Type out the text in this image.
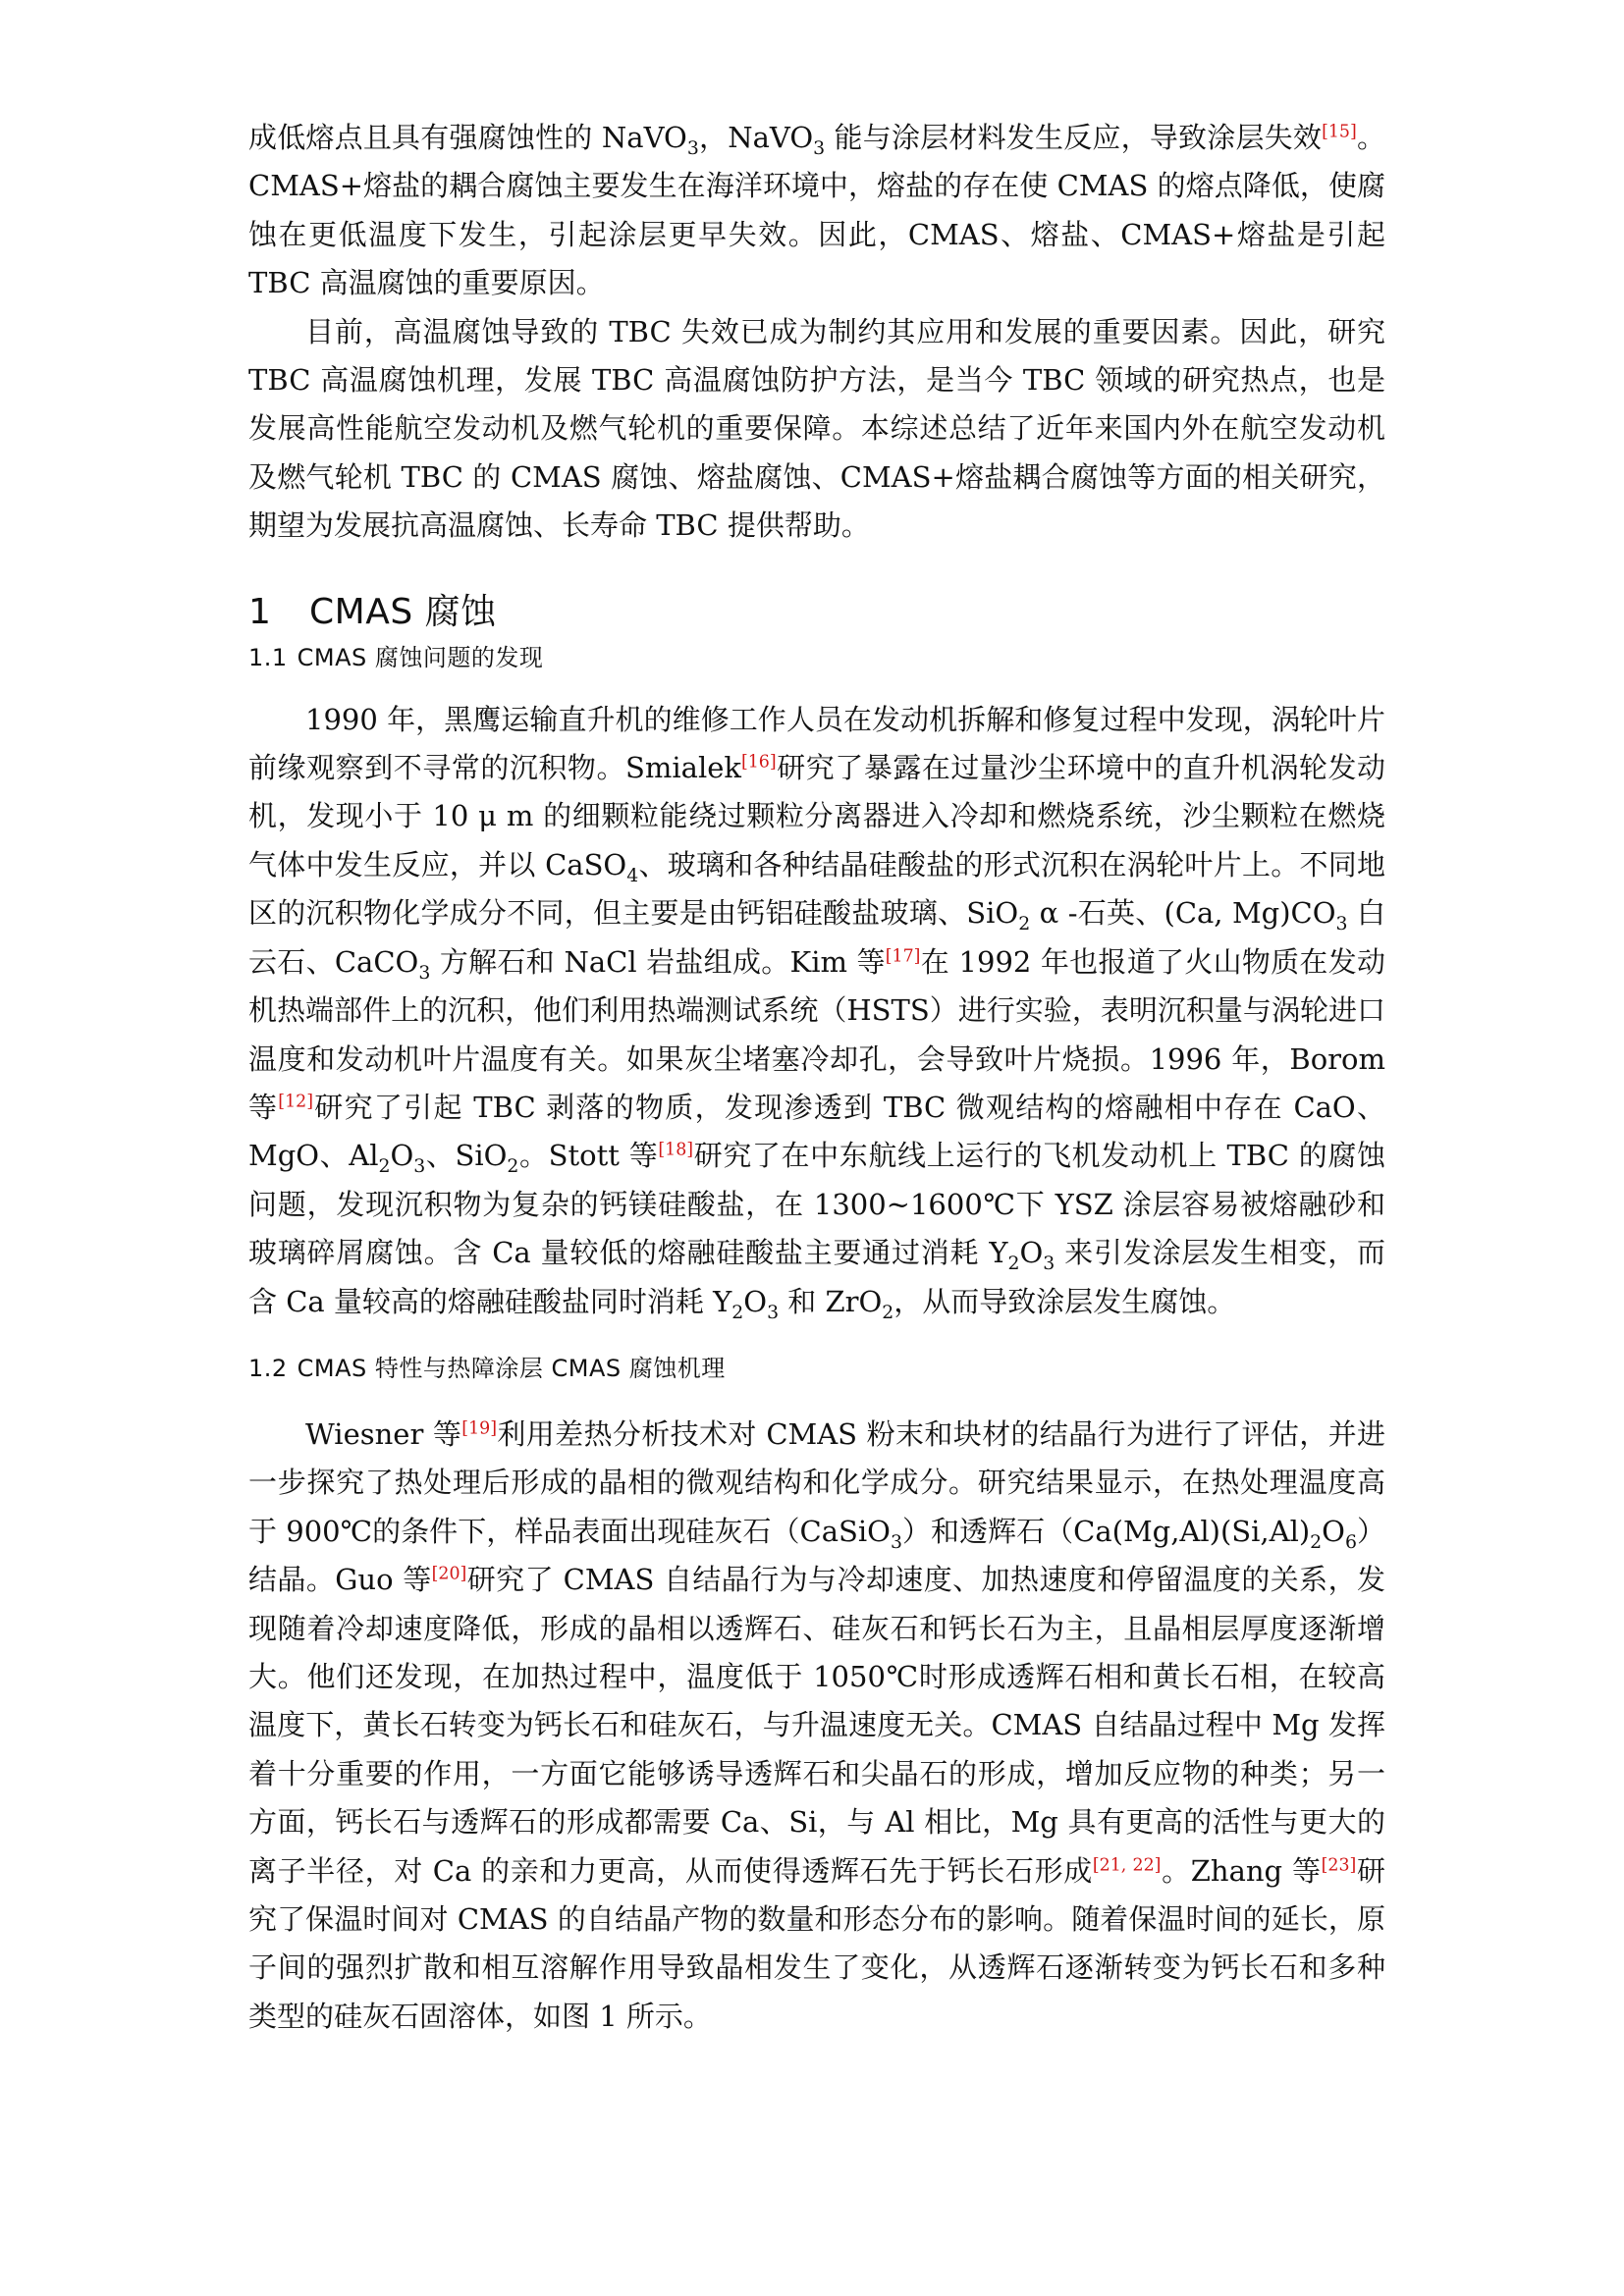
成低熔点且具有强腐蚀性的 NaVO$_3$，NaVO$_3$ 能与涂层材料发生反应，导致涂层失效[15]。CMAS+熔盐的耦合腐蚀主要发生在海洋环境中，熔盐的存在使 CMAS 的熔点降低，使腐蚀在更低温度下发生，引起涂层更早失效。因此，CMAS、熔盐、CMAS+熔盐是引起 TBC 高温腐蚀的重要原因。

目前，高温腐蚀导致的 TBC 失效已成为制约其应用和发展的重要因素。因此，研究 TBC 高温腐蚀机理，发展 TBC 高温腐蚀防护方法，是当今 TBC 领域的研究热点，也是发展高性能航空发动机及燃气轮机的重要保障。本综述总结了近年来国内外在航空发动机及燃气轮机 TBC 的 CMAS 腐蚀、熔盐腐蚀、CMAS+熔盐耦合腐蚀等方面的相关研究，期望为发展抗高温腐蚀、长寿命 TBC 提供帮助。

1 CMAS 腐蚀
1.1 CMAS 腐蚀问题的发现

1990 年，黑鹰运输直升机的维修工作人员在发动机拆解和修复过程中发现，涡轮叶片前缘观察到不寻常的沉积物。Smialek[16]研究了暴露在过量沙尘环境中的直升机涡轮发动机，发现小于 10 μ m 的细颗粒能绕过颗粒分离器进入冷却和燃烧系统，沙尘颗粒在燃烧气体中发生反应，并以 CaSO$_4$、玻璃和各种结晶硅酸盐的形式沉积在涡轮叶片上。不同地区的沉积物化学成分不同，但主要是由钙铝硅酸盐玻璃、SiO$_2$ α -石英、(Ca, $Mg)CO_3$ 白云石、CaCO$_3$ 方解石和 NaCl 岩盐组成。Kim 等[17]在 1992 年也报道了火山物质在发动机热端部件上的沉积，他们利用热端测试系统（HSTS）进行实验，表明沉积量与涡轮进口温度和发动机叶片温度有关。如果灰尘堵塞冷却孔，会导致叶片烧损。1996 年，Borom 等[12]研究了引起 TBC 剥落的物质，发现渗透到 TBC 微观结构的熔融相中存在 CaO、MgO、$Al_2O_3$、SiO$_2$。Stott 等[18]研究了在中东航线上运行的飞机发动机上 TBC 的腐蚀问题，发现沉积物为复杂的钙镁硅酸盐，在 1300~1600℃下 YSZ 涂层容易被熔融砂和玻璃碎屑腐蚀。含 Ca 量较低的熔融硅酸盐主要通过消耗 $Y_2O_3$ 来引发涂层发生相变，而含 Ca 量较高的熔融硅酸盐同时消耗 $Y_2O_3$ 和 ZrO$_2$，从而导致涂层发生腐蚀。

1.2 CMAS 特性与热障涂层 CMAS 腐蚀机理

Wiesner 等[19]利用差热分析技术对 CMAS 粉末和块材的结晶行为进行了评估，并进一步探究了热处理后形成的晶相的微观结构和化学成分。研究结果显示，在热处理温度高于 900℃的条件下，样品表面出现硅灰石（CaSiO$_3$）和透辉石$(Ca(Mg,Al)(Si,Al)_2O_6)$结晶。Guo 等[20]研究了 CMAS 自结晶行为与冷却速度、加热速度和停留温度的关系，发现随着冷却速度降低，形成的晶相以透辉石、硅灰石和钙长石为主，且晶相层厚度逐渐增大。他们还发现，在加热过程中，温度低于 1050℃时形成透辉石相和黄长石相，在较高温度下，黄长石转变为钙长石和硅灰石，与升温速度无关。CMAS 自结晶过程中 Mg 发挥着十分重要的作用，一方面它能够诱导透辉石和尖晶石的形成，增加反应物的种类；另一方面，钙长石与透辉石的形成都需要 Ca、Si，与 Al 相比，Mg 具有更高的活性与更大的离子半径，对 Ca 的亲和力更高，从而使得透辉石先于钙长石形成[21, 22]。Zhang 等[23]研究了保温时间对 CMAS 的自结晶产物的数量和形态分布的影响。随着保温时间的延长，原子间的强烈扩散和相互溶解作用导致晶相发生了变化，从透辉石逐渐转变为钙长石和多种类型的硅灰石固溶体，如图 1 所示。
